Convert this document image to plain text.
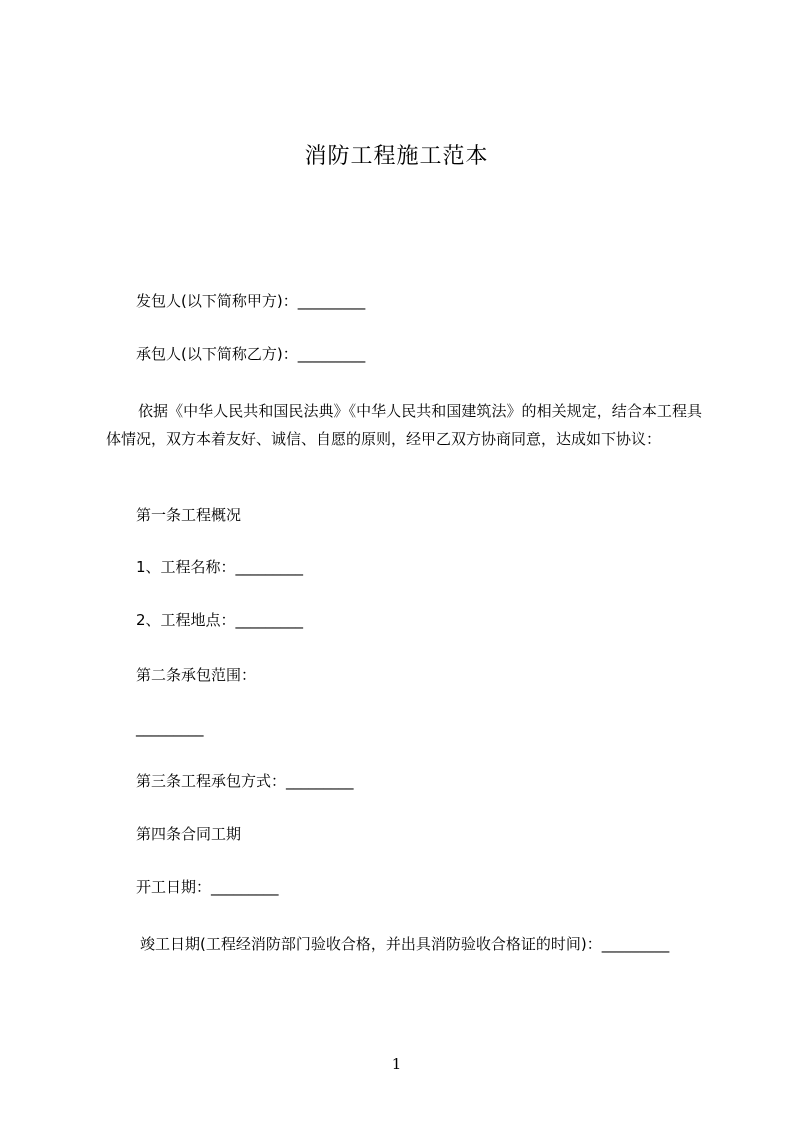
消防工程施工范本
发包人(以下简称甲方)：_________
承包人(以下简称乙方)：_________
依据《中华人民共和国民法典》《中华人民共和国建筑法》的相关规定，结合本工程具体情况，双方本着友好、诚信、自愿的原则，经甲乙双方协商同意，达成如下协议：
第一条工程概况
1、工程名称：_________
2、工程地点：_________
第二条承包范围：
_________
第三条工程承包方式：_________
第四条合同工期
开工日期：_________
竣工日期(工程经消防部门验收合格，并出具消防验收合格证的时间)：_________
1
